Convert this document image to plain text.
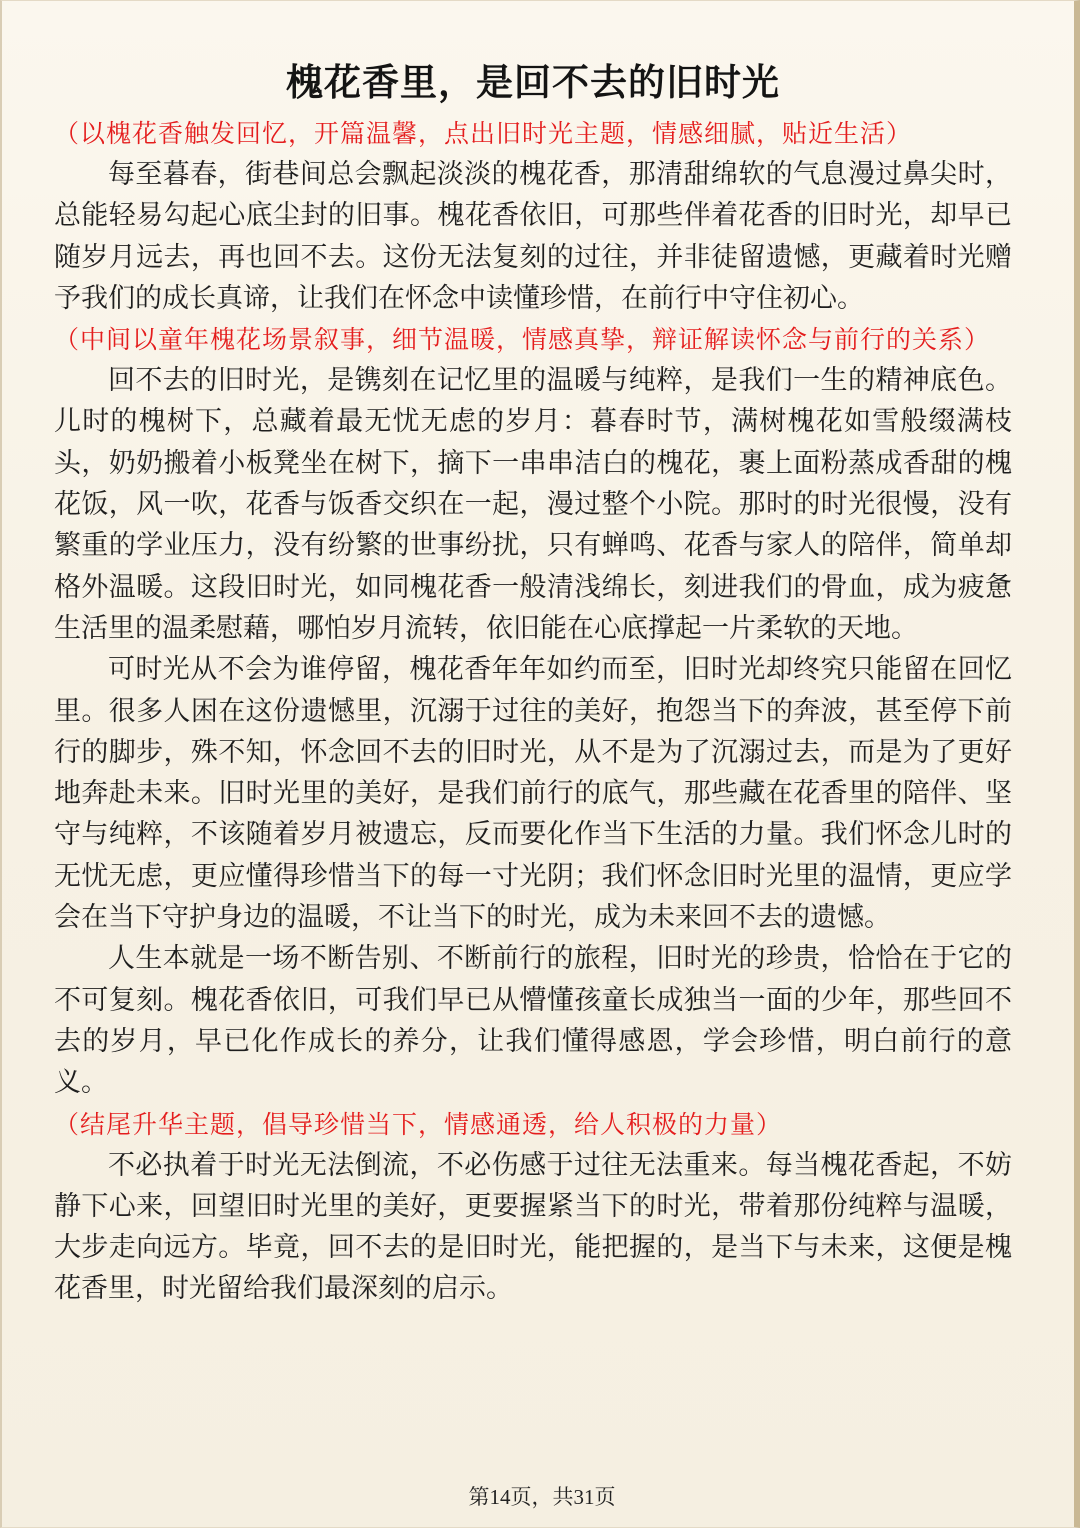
槐花香里，是回不去的旧时光

（以槐花香触发回忆，开篇温馨，点出旧时光主题，情感细腻，贴近生活）

每至暮春，街巷间总会飘起淡淡的槐花香，那清甜绵软的气息漫过鼻尖时，总能轻易勾起心底尘封的旧事。槐花香依旧，可那些伴着花香的旧时光，却早已随岁月远去，再也回不去。这份无法复刻的过往，并非徒留遗憾，更藏着时光赠予我们的成长真谛，让我们在怀念中读懂珍惜，在前行中守住初心。

（中间以童年槐花场景叙事，细节温暖，情感真挚，辩证解读怀念与前行的关系）

回不去的旧时光，是镌刻在记忆里的温暖与纯粹，是我们一生的精神底色。儿时的槐树下，总藏着最无忧无虑的岁月：暮春时节，满树槐花如雪般缀满枝头，奶奶搬着小板凳坐在树下，摘下一串串洁白的槐花，裹上面粉蒸成香甜的槐花饭，风一吹，花香与饭香交织在一起，漫过整个小院。那时的时光很慢，没有繁重的学业压力，没有纷繁的世事纷扰，只有蝉鸣、花香与家人的陪伴，简单却格外温暖。这段旧时光，如同槐花香一般清浅绵长，刻进我们的骨血，成为疲惫生活里的温柔慰藉，哪怕岁月流转，依旧能在心底撑起一片柔软的天地。

可时光从不会为谁停留，槐花香年年如约而至，旧时光却终究只能留在回忆里。很多人困在这份遗憾里，沉溺于过往的美好，抱怨当下的奔波，甚至停下前行的脚步，殊不知，怀念回不去的旧时光，从不是为了沉溺过去，而是为了更好地奔赴未来。旧时光里的美好，是我们前行的底气，那些藏在花香里的陪伴、坚守与纯粹，不该随着岁月被遗忘，反而要化作当下生活的力量。我们怀念儿时的无忧无虑，更应懂得珍惜当下的每一寸光阴；我们怀念旧时光里的温情，更应学会在当下守护身边的温暖，不让当下的时光，成为未来回不去的遗憾。

人生本就是一场不断告别、不断前行的旅程，旧时光的珍贵，恰恰在于它的不可复刻。槐花香依旧，可我们早已从懵懂孩童长成独当一面的少年，那些回不去的岁月，早已化作成长的养分，让我们懂得感恩，学会珍惜，明白前行的意义。

（结尾升华主题，倡导珍惜当下，情感通透，给人积极的力量）

不必执着于时光无法倒流，不必伤感于过往无法重来。每当槐花香起，不妨静下心来，回望旧时光里的美好，更要握紧当下的时光，带着那份纯粹与温暖，大步走向远方。毕竟，回不去的是旧时光，能把握的，是当下与未来，这便是槐花香里，时光留给我们最深刻的启示。

第14页，共31页
